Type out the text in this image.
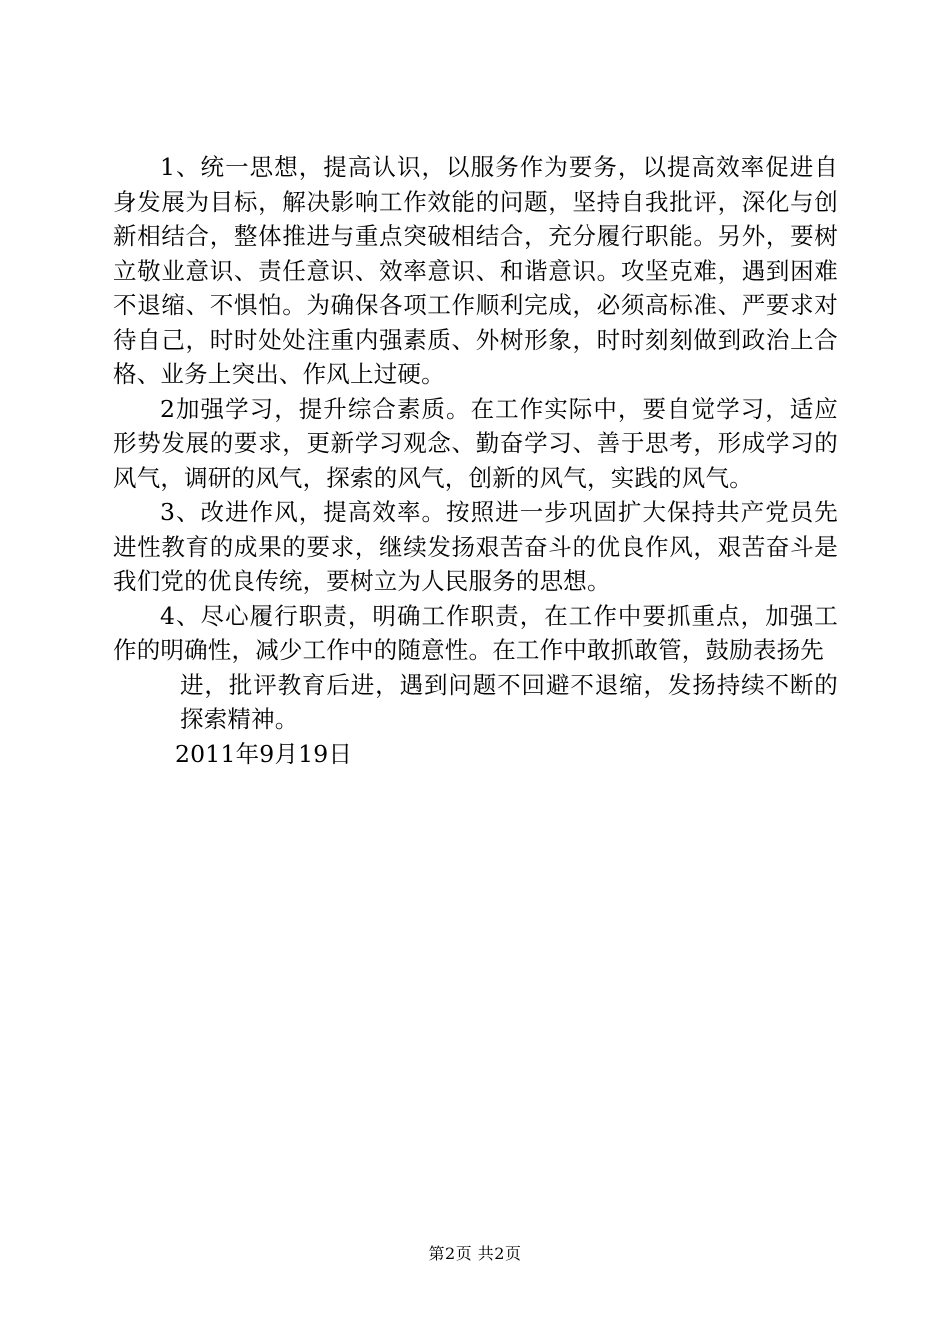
1、统一思想，提高认识，以服务作为要务，以提高效率促进自身发展为目标，解决影响工作效能的问题，坚持自我批评，深化与创新相结合，整体推进与重点突破相结合，充分履行职能。另外，要树立敬业意识、责任意识、效率意识、和谐意识。攻坚克难，遇到困难不退缩、不惧怕。为确保各项工作顺利完成，必须高标准、严要求对待自己，时时处处注重内强素质、外树形象，时时刻刻做到政治上合格、业务上突出、作风上过硬。

2加强学习，提升综合素质。在工作实际中，要自觉学习，适应形势发展的要求，更新学习观念、勤奋学习、善于思考，形成学习的风气，调研的风气，探索的风气，创新的风气，实践的风气。

3、改进作风，提高效率。按照进一步巩固扩大保持共产党员先进性教育的成果的要求，继续发扬艰苦奋斗的优良作风，艰苦奋斗是我们党的优良传统，要树立为人民服务的思想。

4、尽心履行职责，明确工作职责，在工作中要抓重点，加强工作的明确性，减少工作中的随意性。在工作中敢抓敢管，鼓励表扬先

进，批评教育后进，遇到问题不回避不退缩，发扬持续不断的探索精神。

2011年9月19日

第2页 共2页
